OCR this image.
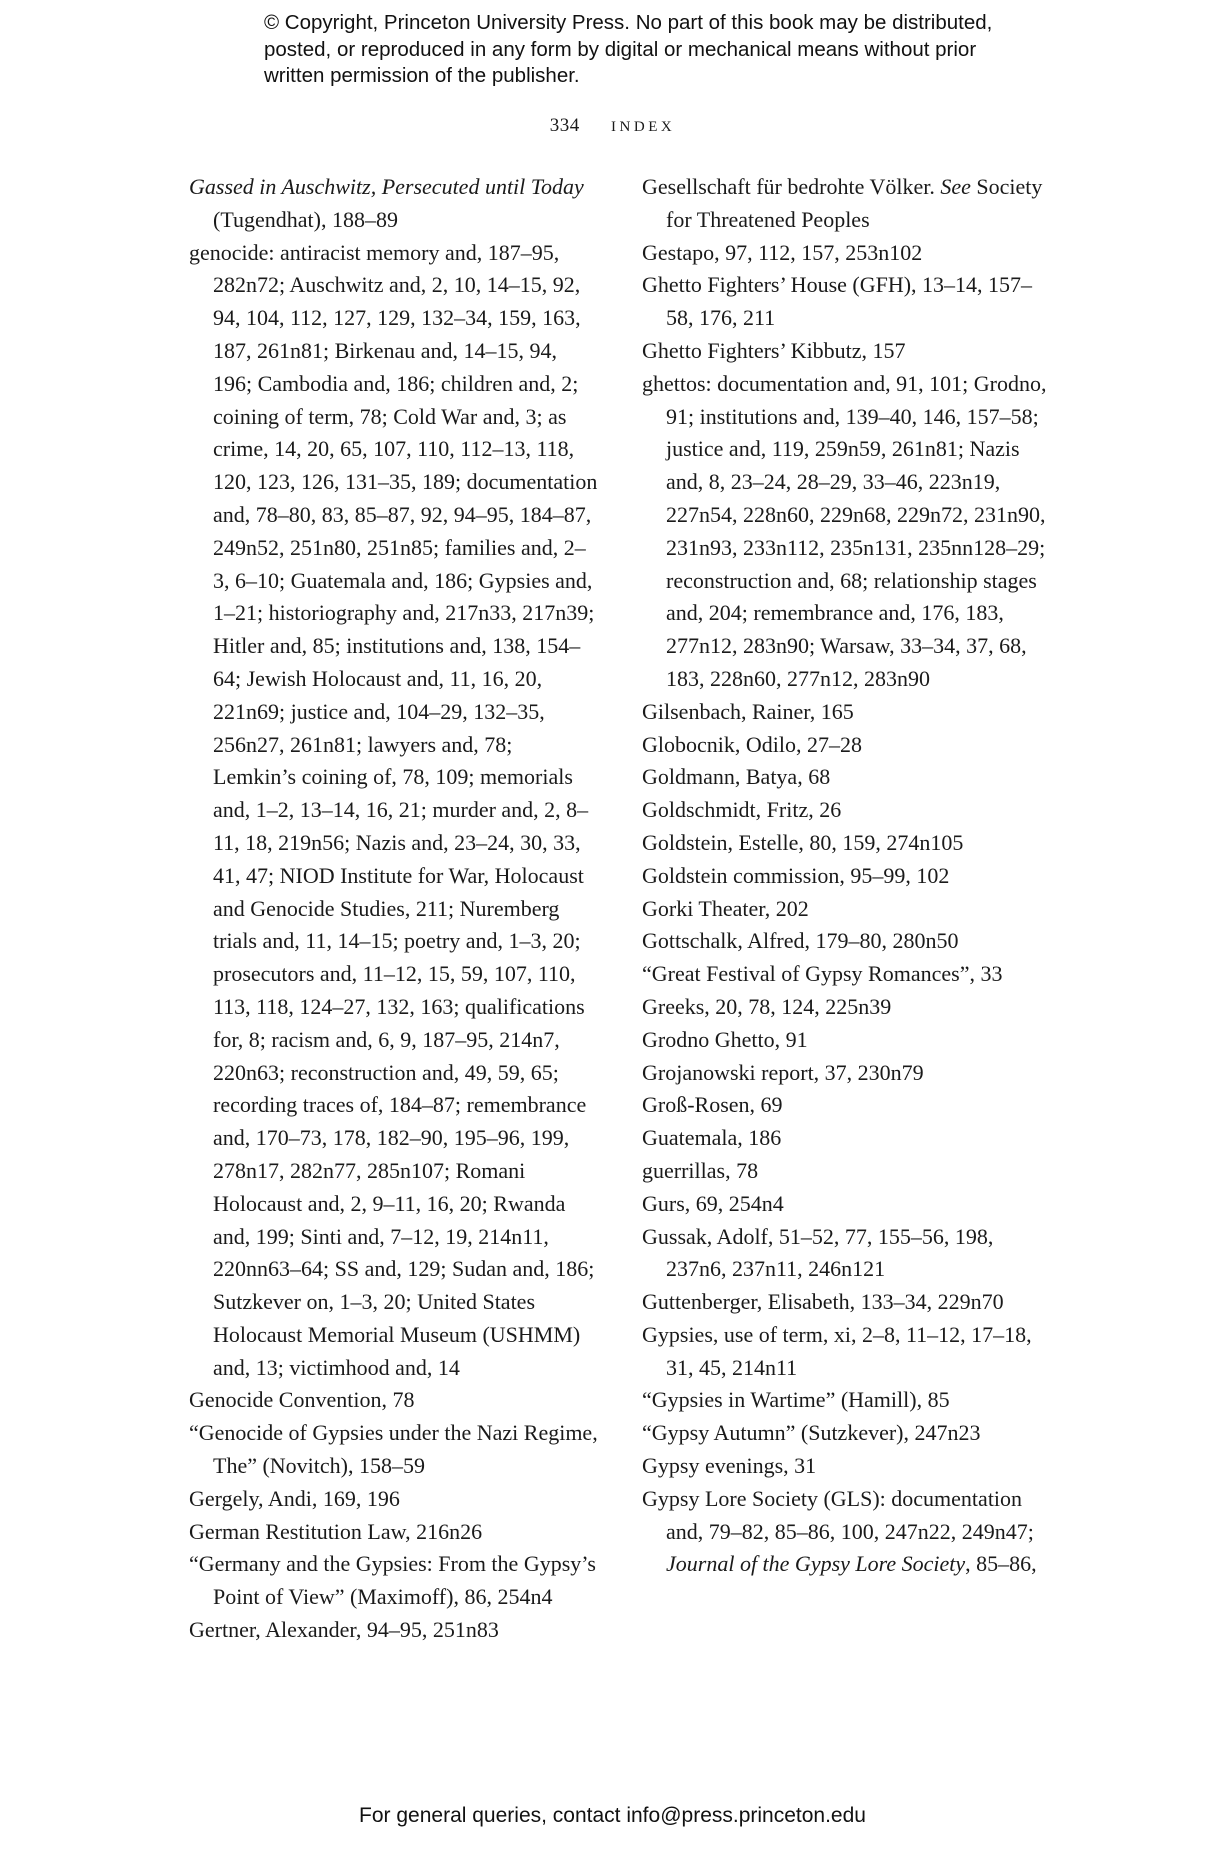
© Copyright, Princeton University Press. No part of this book may be distributed, posted, or reproduced in any form by digital or mechanical means without prior written permission of the publisher.
334 index

Gassed in Auschwitz, Persecuted until Today (Tugendhat), 188–89

genocide: antiracist memory and, 187–95, 282n72; Auschwitz and, 2, 10, 14–15, 92, 94, 104, 112, 127, 129, 132–34, 159, 163, 187, 261n81; Birkenau and, 14–15, 94, 196; Cambodia and, 186; children and, 2; coining of term, 78; Cold War and, 3; as crime, 14, 20, 65, 107, 110, 112–13, 118, 120, 123, 126, 131–35, 189; documentation and, 78–80, 83, 85–87, 92, 94–95, 184–87, 249n52, 251n80, 251n85; families and, 2–3, 6–10; Guatemala and, 186; Gypsies and, 1–21; historiography and, 217n33, 217n39; Hitler and, 85; institutions and, 138, 154–64; Jewish Holocaust and, 11, 16, 20, 221n69; justice and, 104–29, 132–35, 256n27, 261n81; lawyers and, 78; Lemkin’s coining of, 78, 109; memorials and, 1–2, 13–14, 16, 21; murder and, 2, 8–11, 18, 219n56; Nazis and, 23–24, 30, 33, 41, 47; NIOD Institute for War, Holocaust and Genocide Studies, 211; Nuremberg trials and, 11, 14–15; poetry and, 1–3, 20; prosecutors and, 11–12, 15, 59, 107, 110, 113, 118, 124–27, 132, 163; qualifications for, 8; racism and, 6, 9, 187–95, 214n7, 220n63; reconstruction and, 49, 59, 65; recording traces of, 184–87; remembrance and, 170–73, 178, 182–90, 195–96, 199, 278n17, 282n77, 285n107; Romani Holocaust and, 2, 9–11, 16, 20; Rwanda and, 199; Sinti and, 7–12, 19, 214n11, 220nn63–64; SS and, 129; Sudan and, 186; Sutzkever on, 1–3, 20; United States Holocaust Memorial Museum (USHMM) and, 13; victimhood and, 14

Genocide Convention, 78

“Genocide of Gypsies under the Nazi Regime, The” (Novitch), 158–59

Gergely, Andi, 169, 196

German Restitution Law, 216n26

“Germany and the Gypsies: From the Gypsy’s Point of View” (Maximoff), 86, 254n4

Gertner, Alexander, 94–95, 251n83

Gesellschaft für bedrohte Völker. See Society for Threatened Peoples

Gestapo, 97, 112, 157, 253n102

Ghetto Fighters’ House (GFH), 13–14, 157–58, 176, 211

Ghetto Fighters’ Kibbutz, 157

ghettos: documentation and, 91, 101; Grodno, 91; institutions and, 139–40, 146, 157–58; justice and, 119, 259n59, 261n81; Nazis and, 8, 23–24, 28–29, 33–46, 223n19, 227n54, 228n60, 229n68, 229n72, 231n90, 231n93, 233n112, 235n131, 235nn128–29; reconstruction and, 68; relationship stages and, 204; remembrance and, 176, 183, 277n12, 283n90; Warsaw, 33–34, 37, 68, 183, 228n60, 277n12, 283n90

Gilsenbach, Rainer, 165

Globocnik, Odilo, 27–28

Goldmann, Batya, 68

Goldschmidt, Fritz, 26

Goldstein, Estelle, 80, 159, 274n105

Goldstein commission, 95–99, 102

Gorki Theater, 202

Gottschalk, Alfred, 179–80, 280n50

“Great Festival of Gypsy Romances”, 33

Greeks, 20, 78, 124, 225n39

Grodno Ghetto, 91

Grojanowski report, 37, 230n79

Groß-Rosen, 69

Guatemala, 186

guerrillas, 78

Gurs, 69, 254n4

Gussak, Adolf, 51–52, 77, 155–56, 198, 237n6, 237n11, 246n121

Guttenberger, Elisabeth, 133–34, 229n70

Gypsies, use of term, xi, 2–8, 11–12, 17–18, 31, 45, 214n11

“Gypsies in Wartime” (Hamill), 85

“Gypsy Autumn” (Sutzkever), 247n23

Gypsy evenings, 31

Gypsy Lore Society (GLS): documentation and, 79–82, 85–86, 100, 247n22, 249n47; Journal of the Gypsy Lore Society, 85–86,

For general queries, contact info@press.princeton.edu
